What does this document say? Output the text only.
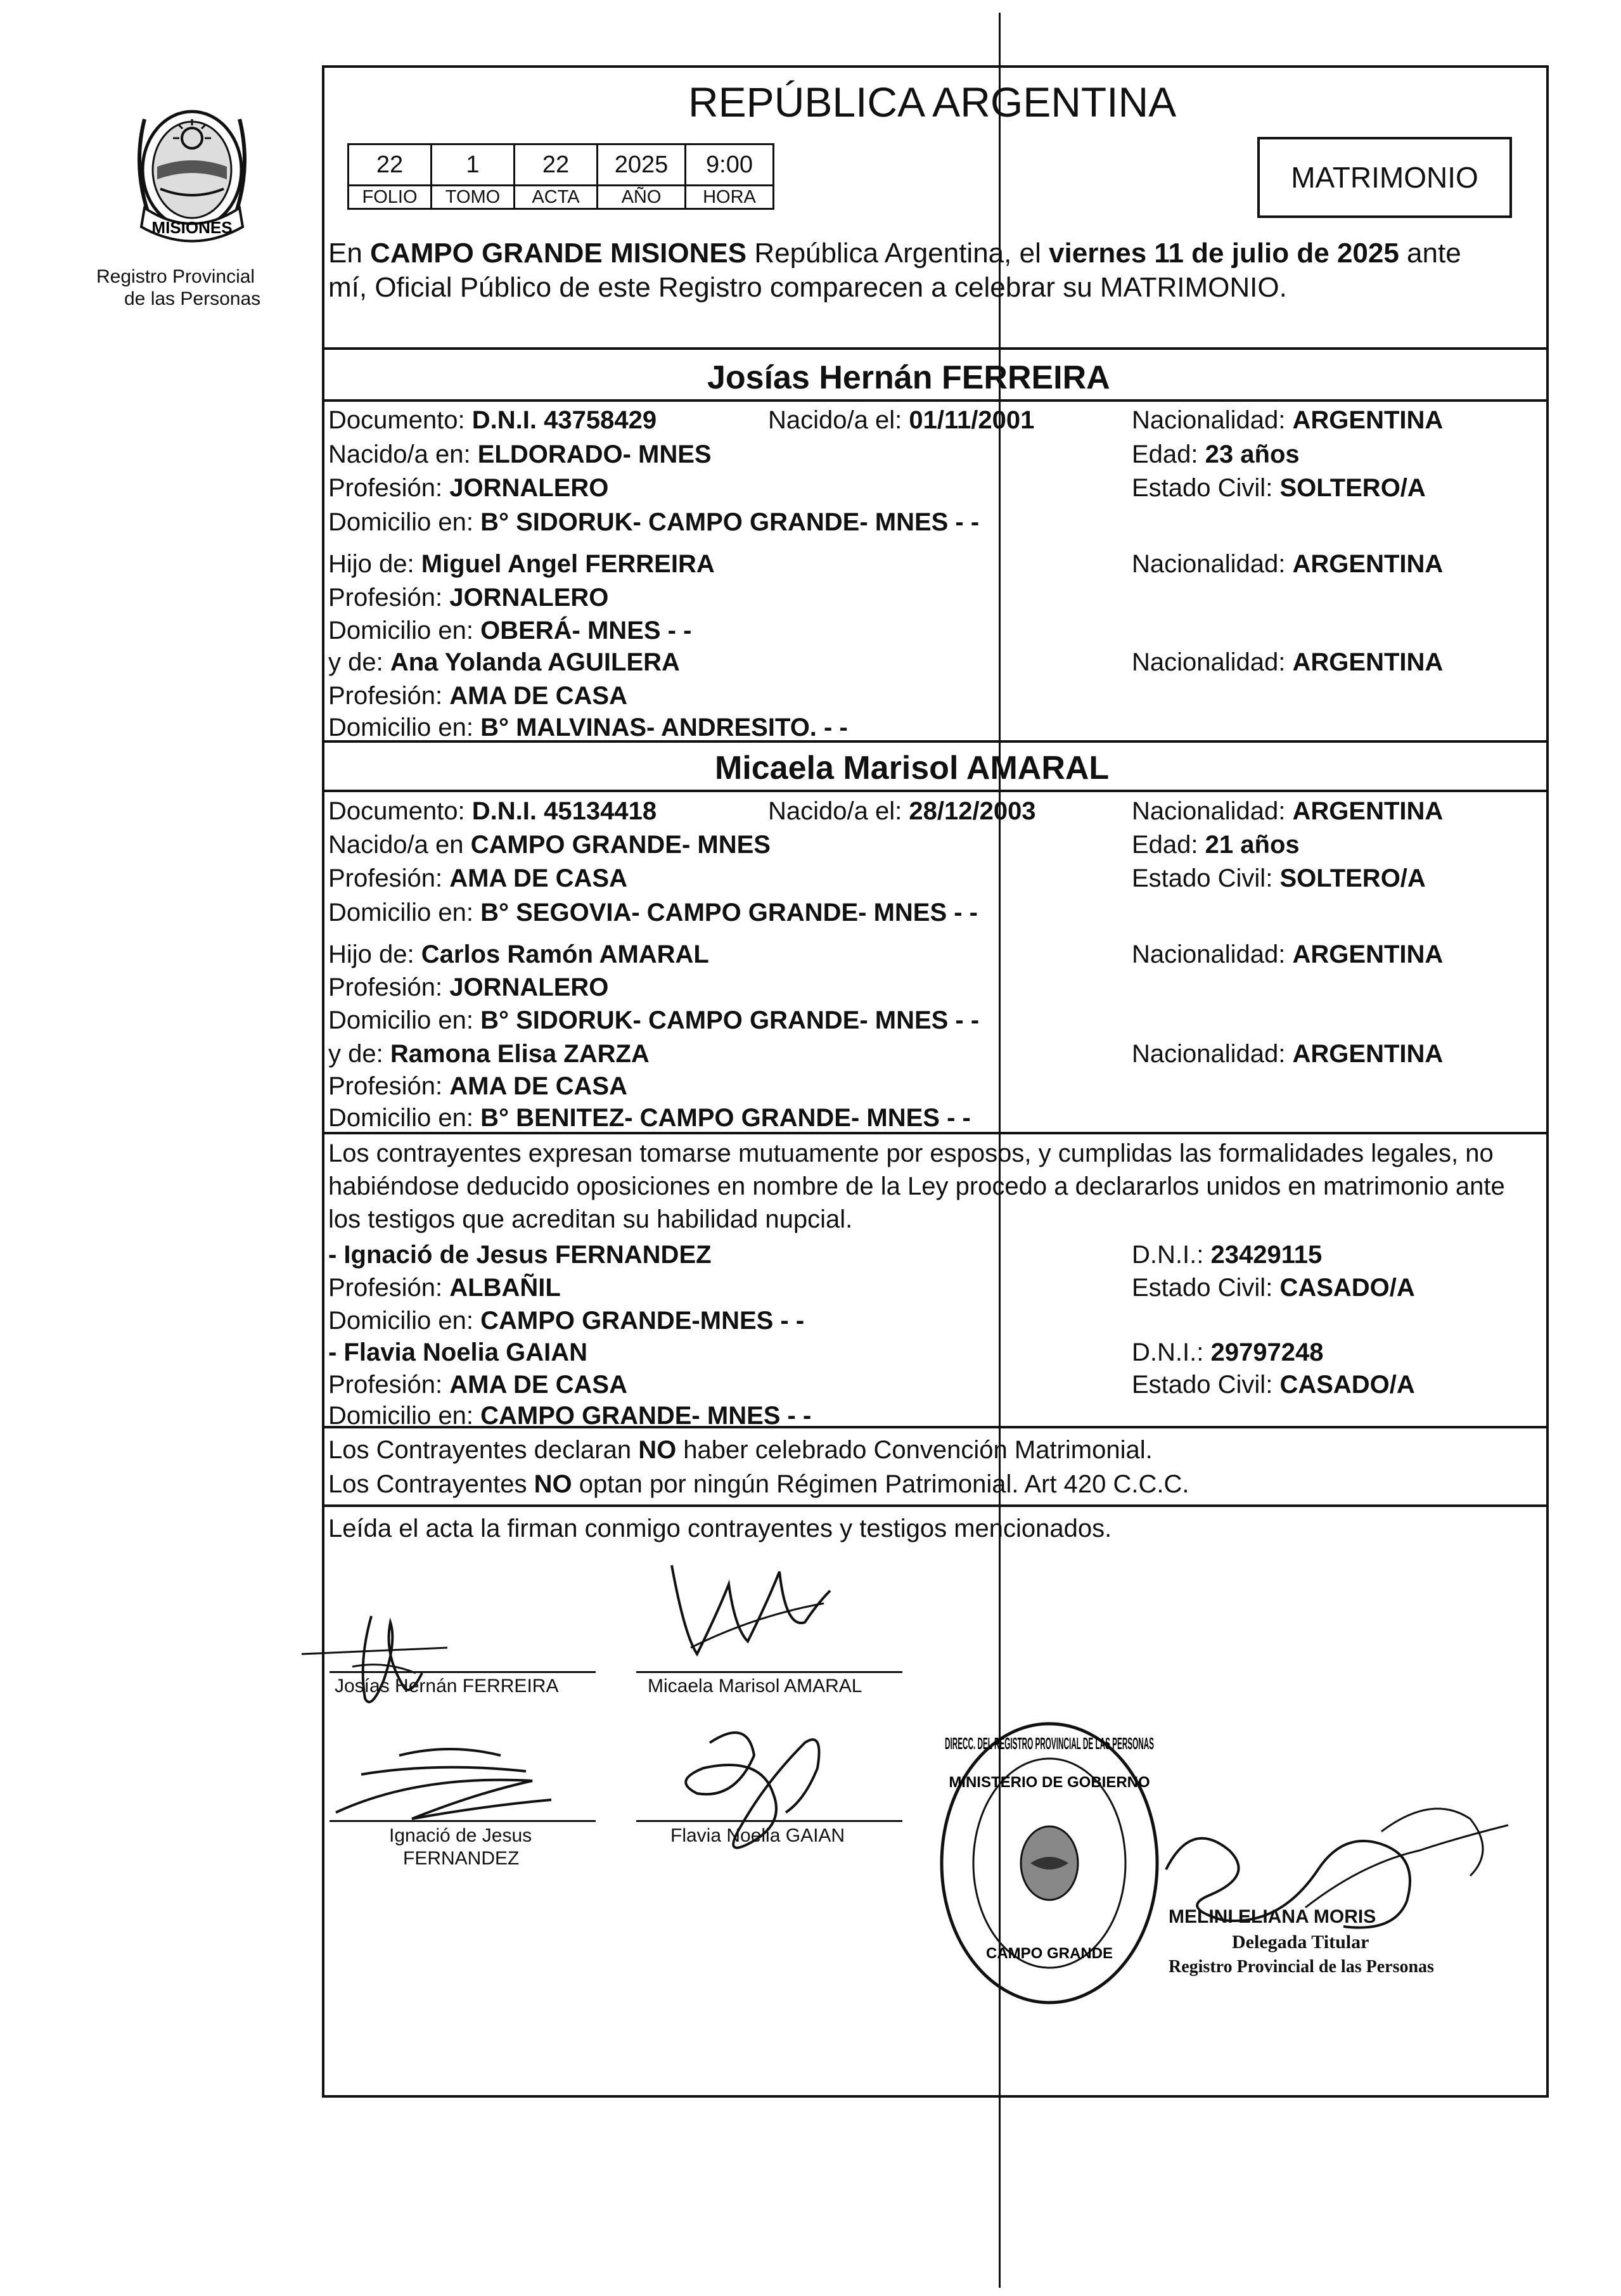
MISIONES
Registro Provincial
de las Personas
REPÚBLICA ARGENTINA
22	1	22	2025	9:00
FOLIO	TOMO	ACTA	AÑO	HORA
MATRIMONIO
En CAMPO GRANDE MISIONES República Argentina, el viernes 11 de julio de 2025 ante
mí, Oficial Público de este Registro comparecen a celebrar su MATRIMONIO.
Josías Hernán FERREIRA
Documento: D.N.I. 43758429	Nacido/a el: 01/11/2001	Nacionalidad: ARGENTINA
Nacido/a en: ELDORADO- MNES	Edad: 23 años
Profesión: JORNALERO	Estado Civil: SOLTERO/A
Domicilio en: B° SIDORUK- CAMPO GRANDE- MNES - -
Hijo de: Miguel Angel FERREIRA	Nacionalidad: ARGENTINA
Profesión: JORNALERO
Domicilio en: OBERÁ- MNES - -
y de: Ana Yolanda AGUILERA	Nacionalidad: ARGENTINA
Profesión: AMA DE CASA
Domicilio en: B° MALVINAS- ANDRESITO. - -
Micaela Marisol AMARAL
Documento: D.N.I. 45134418	Nacido/a el: 28/12/2003	Nacionalidad: ARGENTINA
Nacido/a en CAMPO GRANDE- MNES	Edad: 21 años
Profesión: AMA DE CASA	Estado Civil: SOLTERO/A
Domicilio en: B° SEGOVIA- CAMPO GRANDE- MNES - -
Hijo de: Carlos Ramón AMARAL	Nacionalidad: ARGENTINA
Profesión: JORNALERO
Domicilio en: B° SIDORUK- CAMPO GRANDE- MNES - -
y de: Ramona Elisa ZARZA	Nacionalidad: ARGENTINA
Profesión: AMA DE CASA
Domicilio en: B° BENITEZ- CAMPO GRANDE- MNES - -
Los contrayentes expresan tomarse mutuamente por esposos, y cumplidas las formalidades legales, no
habiéndose deducido oposiciones en nombre de la Ley procedo a declararlos unidos en matrimonio ante
los testigos que acreditan su habilidad nupcial.
- Ignació de Jesus FERNANDEZ	D.N.I.: 23429115
Profesión: ALBAÑIL	Estado Civil: CASADO/A
Domicilio en: CAMPO GRANDE-MNES - -
- Flavia Noelia GAIAN	D.N.I.: 29797248
Profesión: AMA DE CASA	Estado Civil: CASADO/A
Domicilio en: CAMPO GRANDE- MNES - -
Los Contrayentes declaran NO haber celebrado Convención Matrimonial.
Los Contrayentes NO optan por ningún Régimen Patrimonial. Art 420 C.C.C.
Leída el acta la firman conmigo contrayentes y testigos mencionados.
Josías Hernán FERREIRA	Micaela Marisol AMARAL
Ignació de Jesus
FERNANDEZ
Flavia Noelia GAIAN
DIRECC. DEL REGISTRO PROVINCIAL DE LAS PERSONAS
MINISTERIO DE GOBIERNO
CAMPO GRANDE
MELINI ELIANA MORIS
Delegada Titular
Registro Provincial de las Personas
